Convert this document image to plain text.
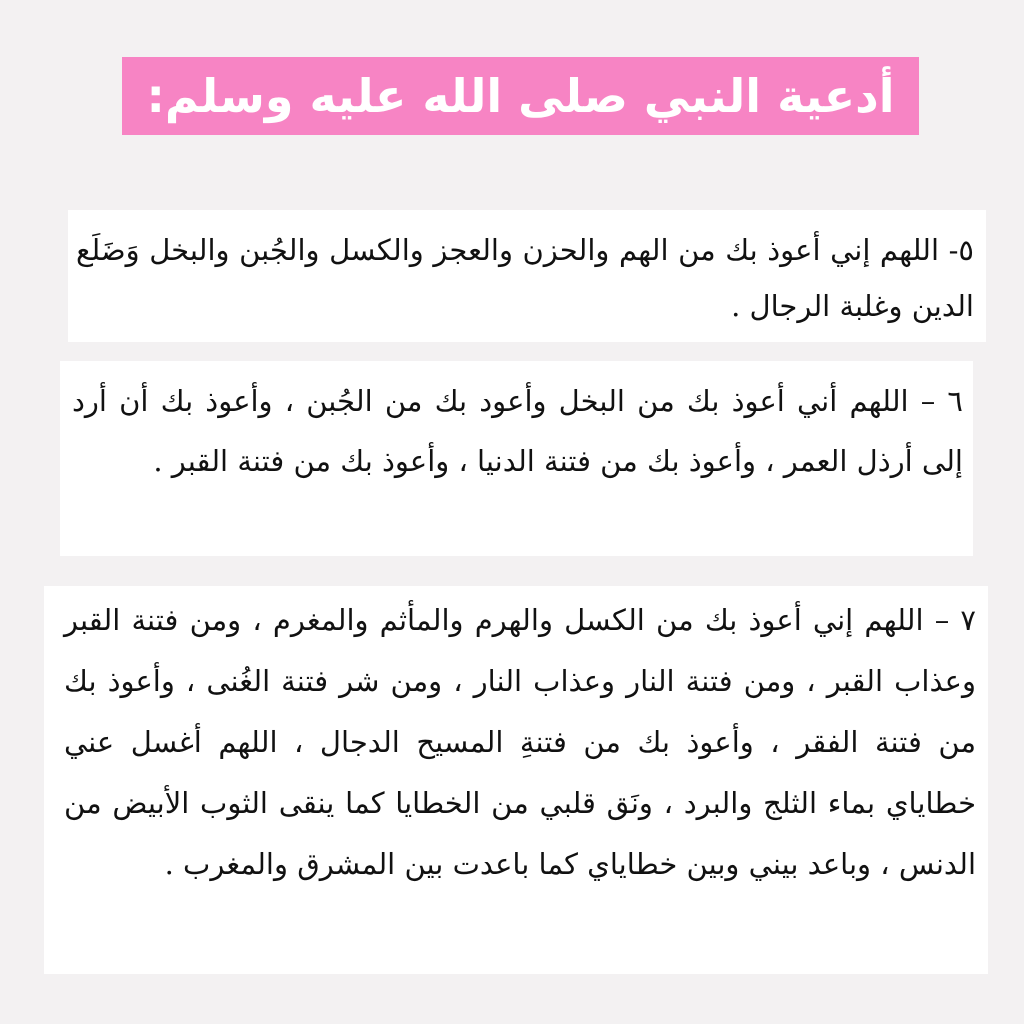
أدعية النبي صلى الله عليه وسلم:

٥- اللهم إني أعوذ بك من الهم والحزن والعجز والكسل والجُبن والبخل وَضَلَع الدين وغلبة الرجال .

٦ – اللهم أني أعوذ بك من البخل وأعود بك من الجُبن ، وأعوذ بك أن أرد إلى أرذل العمر ، وأعوذ بك من فتنة الدنيا ، وأعوذ بك من فتنة القبر .

٧ – اللهم إني أعوذ بك من الكسل والهرم والمأثم والمغرم ، ومن فتنة القبر وعذاب القبر ، ومن فتنة النار وعذاب النار ، ومن شر فتنة الغُنى ، وأعوذ بك من فتنة الفقر ، وأعوذ بك من فتنةِ المسيح الدجال ، اللهم أغسل عني خطاياي بماء الثلج والبرد ، ونَق قلبي من الخطايا كما ينقى الثوب الأبيض من الدنس ، وباعد بيني وبين خطاياي كما باعدت بين المشرق والمغرب .
